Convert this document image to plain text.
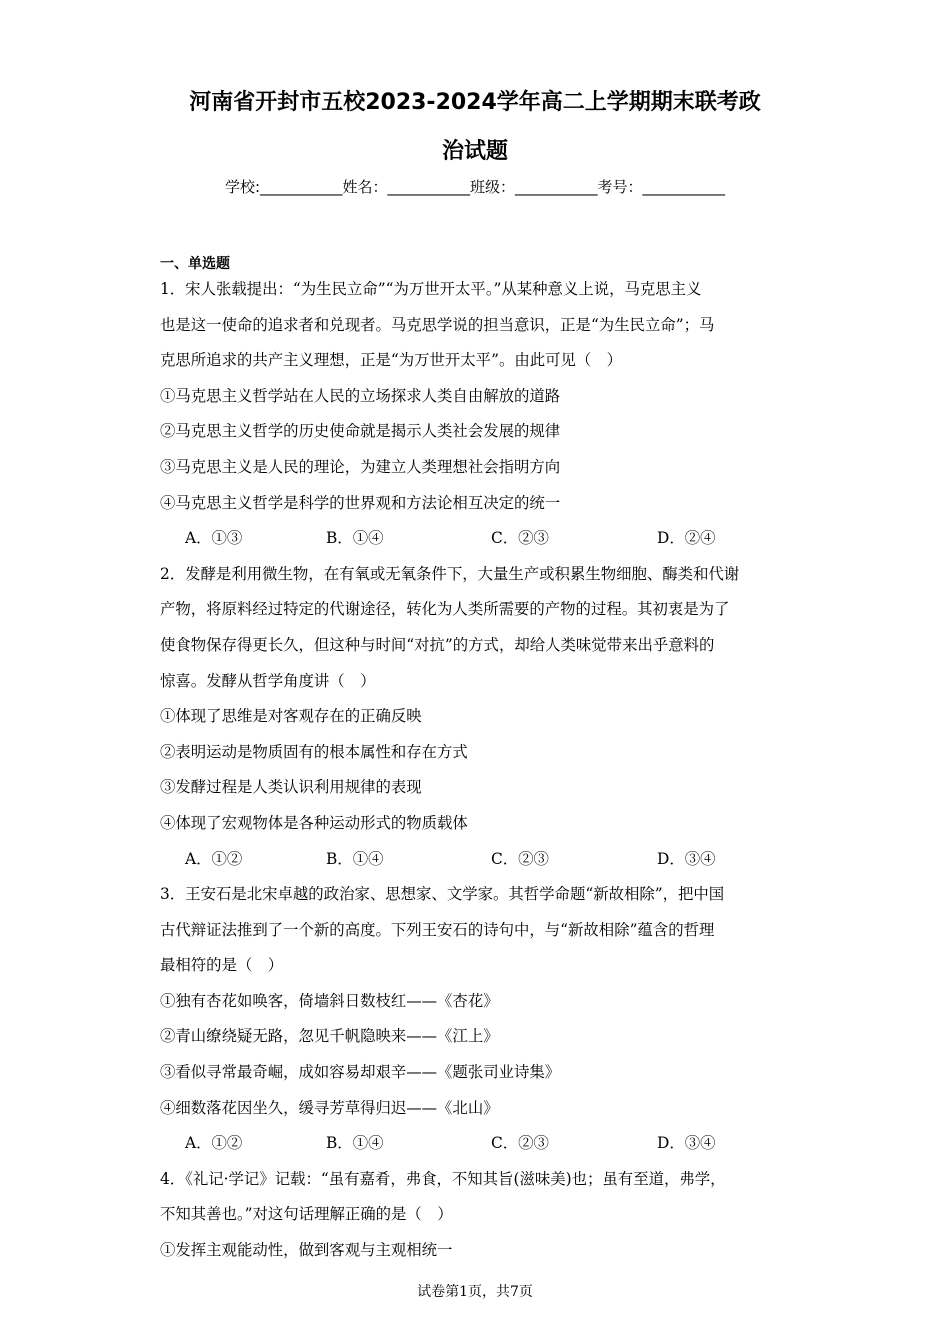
河南省开封市五校2023-2024学年高二上学期期末联考政
治试题
学校:___________姓名：___________班级：___________考号：___________
一、单选题
1．宋人张载提出：“为生民立命”“为万世开太平。”从某种意义上说，马克思主义
也是这一使命的追求者和兑现者。马克思学说的担当意识，正是“为生民立命”；马
克思所追求的共产主义理想，正是“为万世开太平”。由此可见（　）
①马克思主义哲学站在人民的立场探求人类自由解放的道路
②马克思主义哲学的历史使命就是揭示人类社会发展的规律
③马克思主义是人民的理论，为建立人类理想社会指明方向
④马克思主义哲学是科学的世界观和方法论相互决定的统一
A．①③	B．①④	C．②③	D．②④
2．发酵是利用微生物，在有氧或无氧条件下，大量生产或积累生物细胞、酶类和代谢
产物，将原料经过特定的代谢途径，转化为人类所需要的产物的过程。其初衷是为了
使食物保存得更长久，但这种与时间“对抗”的方式，却给人类味觉带来出乎意料的
惊喜。发酵从哲学角度讲（　）
①体现了思维是对客观存在的正确反映
②表明运动是物质固有的根本属性和存在方式
③发酵过程是人类认识利用规律的表现
④体现了宏观物体是各种运动形式的物质载体
A．①②	B．①④	C．②③	D．③④
3．王安石是北宋卓越的政治家、思想家、文学家。其哲学命题“新故相除”，把中国
古代辩证法推到了一个新的高度。下列王安石的诗句中，与“新故相除”蕴含的哲理
最相符的是（　）
①独有杏花如唤客，倚墙斜日数枝红——《杏花》
②青山缭绕疑无路，忽见千帆隐映来——《江上》
③看似寻常最奇崛，成如容易却艰辛——《题张司业诗集》
④细数落花因坐久，缓寻芳草得归迟——《北山》
A．①②	B．①④	C．②③	D．③④
4．《礼记·学记》记载：“虽有嘉肴，弗食，不知其旨(滋味美)也；虽有至道，弗学，
不知其善也。”对这句话理解正确的是（　）
①发挥主观能动性，做到客观与主观相统一
试卷第1页，共7页
